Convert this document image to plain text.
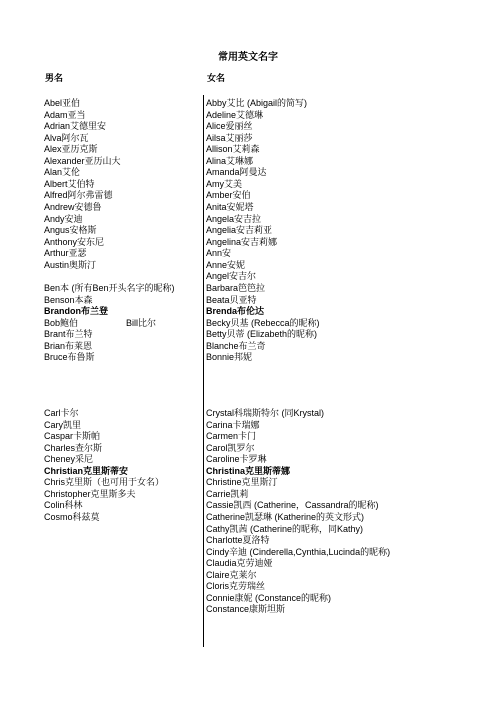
常用英文名字
男名	女名
Abel亚伯
Adam亚当
Adrian艾德里安
Alva阿尔瓦
Alex亚历克斯
Alexander亚历山大
Alan艾伦
Albert艾伯特
Alfred阿尔弗雷德
Andrew安德鲁
Andy安迪
Angus安格斯
Anthony安东尼
Arthur亚瑟
Austin奥斯汀
Ben本 (所有Ben开头名字的昵称)
Benson本森
Brandon布兰登
Bob鲍伯	Bill比尔
Brant布兰特
Brian布莱恩
Bruce布鲁斯
Carl卡尔
Cary凯里
Caspar卡斯帕
Charles查尔斯
Cheney采尼
Christian克里斯蒂安
Chris克里斯（也可用于女名）
Christopher克里斯多夫
Colin科林
Cosmo科兹莫
Abby艾比 (Abigail的简写)
Adeline艾德琳
Alice爱丽丝
Ailsa艾丽莎
Allison艾莉森
Alina艾琳娜
Amanda阿曼达
Amy艾美
Amber安伯
Anita安妮塔
Angela安吉拉
Angelia安吉莉亚
Angelina安吉莉娜
Ann安
Anne安妮
Angel安吉尔
Barbara笆笆拉
Beata贝亚特
Brenda布伦达
Becky贝基 (Rebecca的昵称)
Betty贝蒂 (Elizabeth的昵称)
Blanche布兰奇
Bonnie邦妮
Crystal科瑞斯特尔 (同Krystal)
Carina卡瑞娜
Carmen卡门
Carol凯罗尔
Caroline卡罗琳
Christina克里斯蒂娜
Christine克里斯汀
Carrie凯莉
Cassie凯西 (Catherine，Cassandra的昵称)
Catherine凯瑟琳 (Katherine的英文形式)
Cathy凯茜 (Catherine的昵称，同Kathy)
Charlotte夏洛特
Cindy辛迪 (Cinderella,Cynthia,Lucinda的昵称)
Claudia克劳迪娅
Claire克莱尔
Cloris克劳瑞丝
Connie康妮 (Constance的昵称)
Constance康斯坦斯
